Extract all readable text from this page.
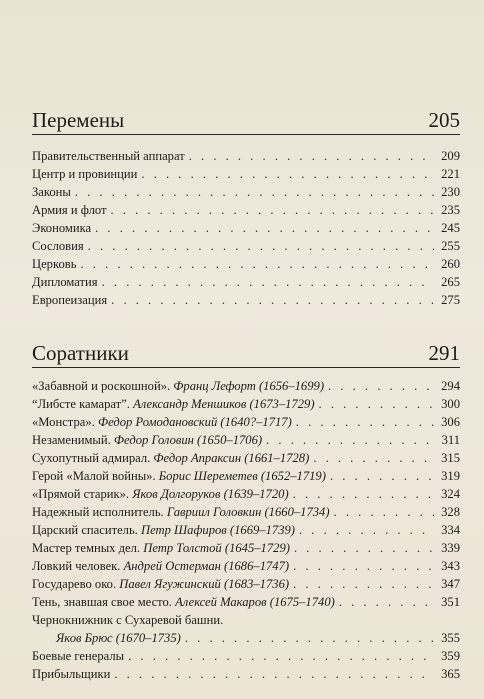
Перемены	205
Правительственный аппарат . . .	209
Центр и провинции . . .	221
Законы . . .	230
Армия и флот . . .	235
Экономика . . .	245
Сословия . . .	255
Церковь . . .	260
Дипломатия . . .	265
Европеизация . . .	275
Соратники	291
«Забавной и роскошной». Франц Лефорт (1656–1699) . . .	294
“Либсте камарат”. Александр Меншиков (1673–1729) . . .	300
«Монстра». Федор Ромодановский (1640?–1717) . . .	306
Незаменимый. Федор Головин (1650–1706) . . .	311
Сухопутный адмирал. Федор Апраксин (1661–1728) . . .	315
Герой «Малой войны». Борис Шереметев (1652–1719) . . .	319
«Прямой старик». Яков Долгоруков (1639–1720) . . .	324
Надежный исполнитель. Гавриил Головкин (1660–1734) . . .	328
Царский спаситель. Петр Шафиров (1669–1739) . . .	334
Мастер темных дел. Петр Толстой (1645–1729) . . .	339
Ловкий человек. Андрей Остерман (1686–1747) . . .	343
Государево око. Павел Ягужинский (1683–1736) . . .	347
Тень, знавшая свое место. Алексей Макаров (1675–1740) . . .	351
Чернокнижник с Сухаревой башни.
Яков Брюс (1670–1735) . . .	355
Боевые генералы . . .	359
Прибыльщики . . .	365
